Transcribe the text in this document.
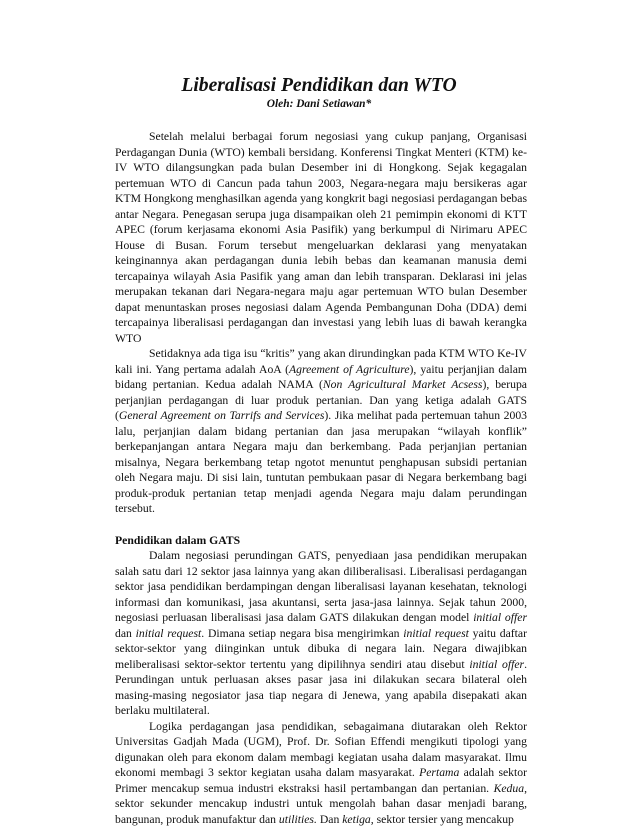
Liberalisasi Pendidikan dan WTO
Oleh: Dani Setiawan*

Setelah melalui berbagai forum negosiasi yang cukup panjang, Organisasi Perdagangan Dunia (WTO) kembali bersidang. Konferensi Tingkat Menteri (KTM) ke-IV WTO dilangsungkan pada bulan Desember ini di Hongkong. Sejak kegagalan pertemuan WTO di Cancun pada tahun 2003, Negara-negara maju bersikeras agar KTM Hongkong menghasilkan agenda yang kongkrit bagi negosiasi perdagangan bebas antar Negara. Penegasan serupa juga disampaikan oleh 21 pemimpin ekonomi di KTT APEC (forum kerjasama ekonomi Asia Pasifik) yang berkumpul di Nirimaru APEC House di Busan. Forum tersebut mengeluarkan deklarasi yang menyatakan keinginannya akan perdagangan dunia lebih bebas dan keamanan manusia demi tercapainya wilayah Asia Pasifik yang aman dan lebih transparan. Deklarasi ini jelas merupakan tekanan dari Negara-negara maju agar pertemuan WTO bulan Desember dapat menuntaskan proses negosiasi dalam Agenda Pembangunan Doha (DDA) demi tercapainya liberalisasi perdagangan dan investasi yang lebih luas di bawah kerangka WTO

Setidaknya ada tiga isu “kritis” yang akan dirundingkan pada KTM WTO Ke-IV kali ini. Yang pertama adalah AoA (Agreement of Agriculture), yaitu perjanjian dalam bidang pertanian. Kedua adalah NAMA (Non Agricultural Market Acsess), berupa perjanjian perdagangan di luar produk pertanian. Dan yang ketiga adalah GATS (General Agreement on Tarrifs and Services). Jika melihat pada pertemuan tahun 2003 lalu, perjanjian dalam bidang pertanian dan jasa merupakan “wilayah konflik” berkepanjangan antara Negara maju dan berkembang. Pada perjanjian pertanian misalnya, Negara berkembang tetap ngotot menuntut penghapusan subsidi pertanian oleh Negara maju. Di sisi lain, tuntutan pembukaan pasar di Negara berkembang bagi produk-produk pertanian tetap menjadi agenda Negara maju dalam perundingan tersebut.

Pendidikan dalam GATS

Dalam negosiasi perundingan GATS, penyediaan jasa pendidikan merupakan salah satu dari 12 sektor jasa lainnya yang akan diliberalisasi. Liberalisasi perdagangan sektor jasa pendidikan berdampingan dengan liberalisasi layanan kesehatan, teknologi informasi dan komunikasi, jasa akuntansi, serta jasa-jasa lainnya. Sejak tahun 2000, negosiasi perluasan liberalisasi jasa dalam GATS dilakukan dengan model initial offer dan initial request. Dimana setiap negara bisa mengirimkan initial request yaitu daftar sektor-sektor yang diinginkan untuk dibuka di negara lain. Negara diwajibkan meliberalisasi sektor-sektor tertentu yang dipilihnya sendiri atau disebut initial offer. Perundingan untuk perluasan akses pasar jasa ini dilakukan secara bilateral oleh masing-masing negosiator jasa tiap negara di Jenewa, yang apabila disepakati akan berlaku multilateral.

Logika perdagangan jasa pendidikan, sebagaimana diutarakan oleh Rektor Universitas Gadjah Mada (UGM), Prof. Dr. Sofian Effendi mengikuti tipologi yang digunakan oleh para ekonom dalam membagi kegiatan usaha dalam masyarakat. Ilmu ekonomi membagi 3 sektor kegiatan usaha dalam masyarakat. Pertama adalah sektor Primer mencakup semua industri ekstraksi hasil pertambangan dan pertanian. Kedua, sektor sekunder mencakup industri untuk mengolah bahan dasar menjadi barang, bangunan, produk manufaktur dan utilities. Dan ketiga, sektor tersier yang mencakup
